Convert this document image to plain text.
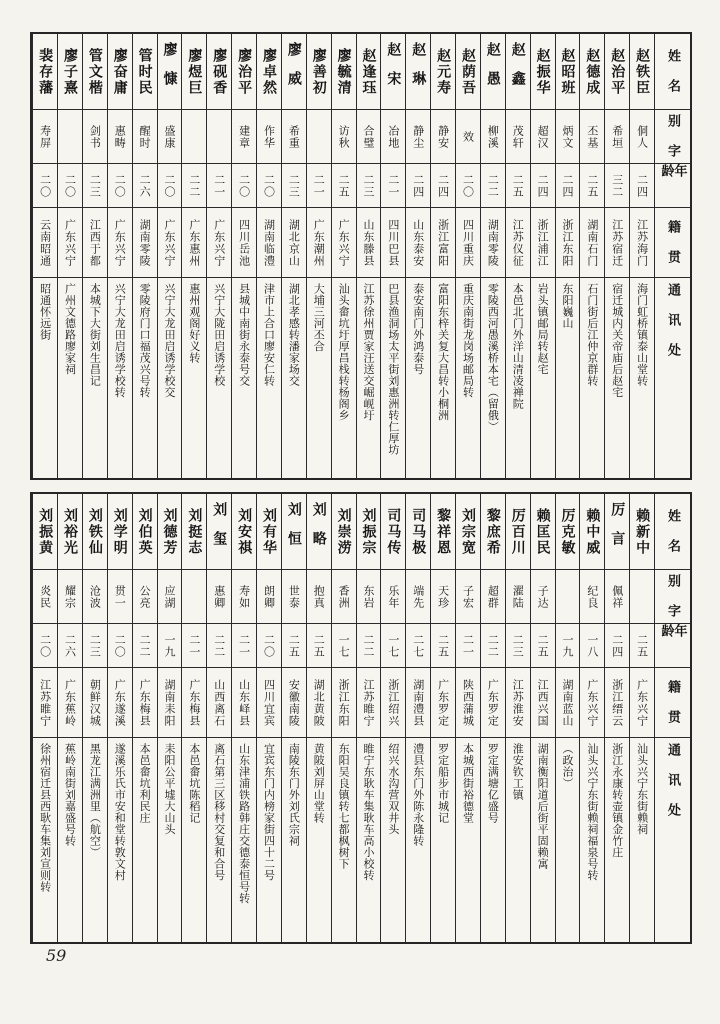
姓　名
别　字
年　龄
籍　贯
通　讯　处
赵铁臣
侗人
二四
江苏海门
海门虹桥镇泰山堂转
赵治平
希垣
三二
江苏宿迁
宿迁城内关帝庙后赵宅
赵德成
丕基
二五
湖南石门
石门街后江仲京群转
赵昭班
炳文
二四
浙江东阳
东阳巍山
赵振华
超汉
二四
浙江浦江
岩头镇邮局转赵宅
赵鑫
茂轩
二五
江苏仪征
本邑北门外洋山清凌禅院
赵愚
柳溪
二二
湖南零陵
零陵西河愚溪桥本宅（留俄）
赵荫吾
效
二〇
四川重庆
重庆南街龙岗场邮局转
赵元寿
静安
二四
浙江富阳
富阳东梓关复大昌转小桐洲
赵琳
静尘
二四
山东泰安
泰安南门外鸿泰号
赵宋
冶地
二一
四川巴县
巴县渔洞场太平街刘惠洲转仁厚坊
赵逢珏
合璧
二三
山东滕县
江苏徐州贾家汪送交崛岘圩
廖毓清
访秋
二五
广东兴宁
汕头畲坑圩厚昌栈转杨阁乡
廖善初
二一
广东潮州
大埔三河丕合
廖威
希重
二三
湖北京山
湖北孝感转潘家场交
廖卓然
作华
二〇
湖南临澧
津市上合口廖安仁转
廖治平
建章
二〇
四川岳池
县城中南街永泰号交
廖砚香
二一
广东兴宁
兴宁大陇田启诱学校
廖煜巨
二二
广东惠州
惠州观阁好义转
廖慷
盛康
二〇
广东兴宁
兴宁大龙田启诱学校交
管时民
醒时
二六
湖南零陵
零陵府门口福茂兴号转
廖奋庸
惠畴
二〇
广东兴宁
兴宁大龙田启诱学校转
管文楷
剑书
二三
江西于都
本城下大街刘生昌记
廖子熹
二〇
广东兴宁
广州文德路廖家祠
裴存藩
寿屏
二〇
云南昭通
昭通怀远街
姓　名
别　字
年　龄
籍　贯
通　讯　处
赖新中
二五
广东兴宁
汕头兴宁东街赖祠
厉言
佩祥
二四
浙江缙云
浙江永康转壶镇金竹庄
赖中威
纪良
一八
广东兴宁
汕头兴宁东街赖祠福泉号转
厉克敏
一九
湖南蓝山
（政治）
赖匡民
子达
二五
江西兴国
湖南衡阳道后街平固赖寓
厉百川
濯陆
二三
江苏淮安
淮安钦工镇
黎庶希
超群
二二
广东罗定
罗定满塘亿盛号
刘宗宽
子宏
二一
陕西蒲城
本城西街裕德堂
黎祥恩
天珍
二五
广东罗定
罗定船步市城记
司马极
端先
二七
湖南澧县
澧县东门外陈永隆转
司马传
乐年
一七
浙江绍兴
绍兴水沟营双井头
刘振宗
东岩
二二
江苏睢宁
睢宁东耿车集耿车高小校转
刘崇涝
香洲
一七
浙江东阳
东阳吴良镇转七都枫树下
刘略
抱真
二五
湖北黄陂
黄陂刘屏山堂转
刘恒
世泰
二五
安徽南陵
南陵东门外刘氏宗祠
刘有华
朗卿
二〇
四川宜宾
宜宾东门内榜家街四十二号
刘安祺
寿如
二一
山东峄县
山东津浦铁路韩庄交德泰恒号转
刘玺
惠卿
二二
山西离石
离石第三区移村交复和合号
刘挺志
二一
广东梅县
本邑畲坑陈稻记
刘德芳
应湖
一九
湖南耒阳
耒阳公平墟大山头
刘伯英
公亮
二二
广东梅县
本邑畲坑利民庄
刘学明
贯一
二〇
广东遂溪
遂溪乐氏市安和堂转敦文村
刘铁仙
沧波
二三
朝鲜汉城
黑龙江满洲里（航空）
刘裕光
耀宗
二六
广东蕉岭
蕉岭南街刘嘉盛号转
刘振黄
炎民
二〇
江苏睢宁
徐州宿迁县西耿车集刘宣则转
59
